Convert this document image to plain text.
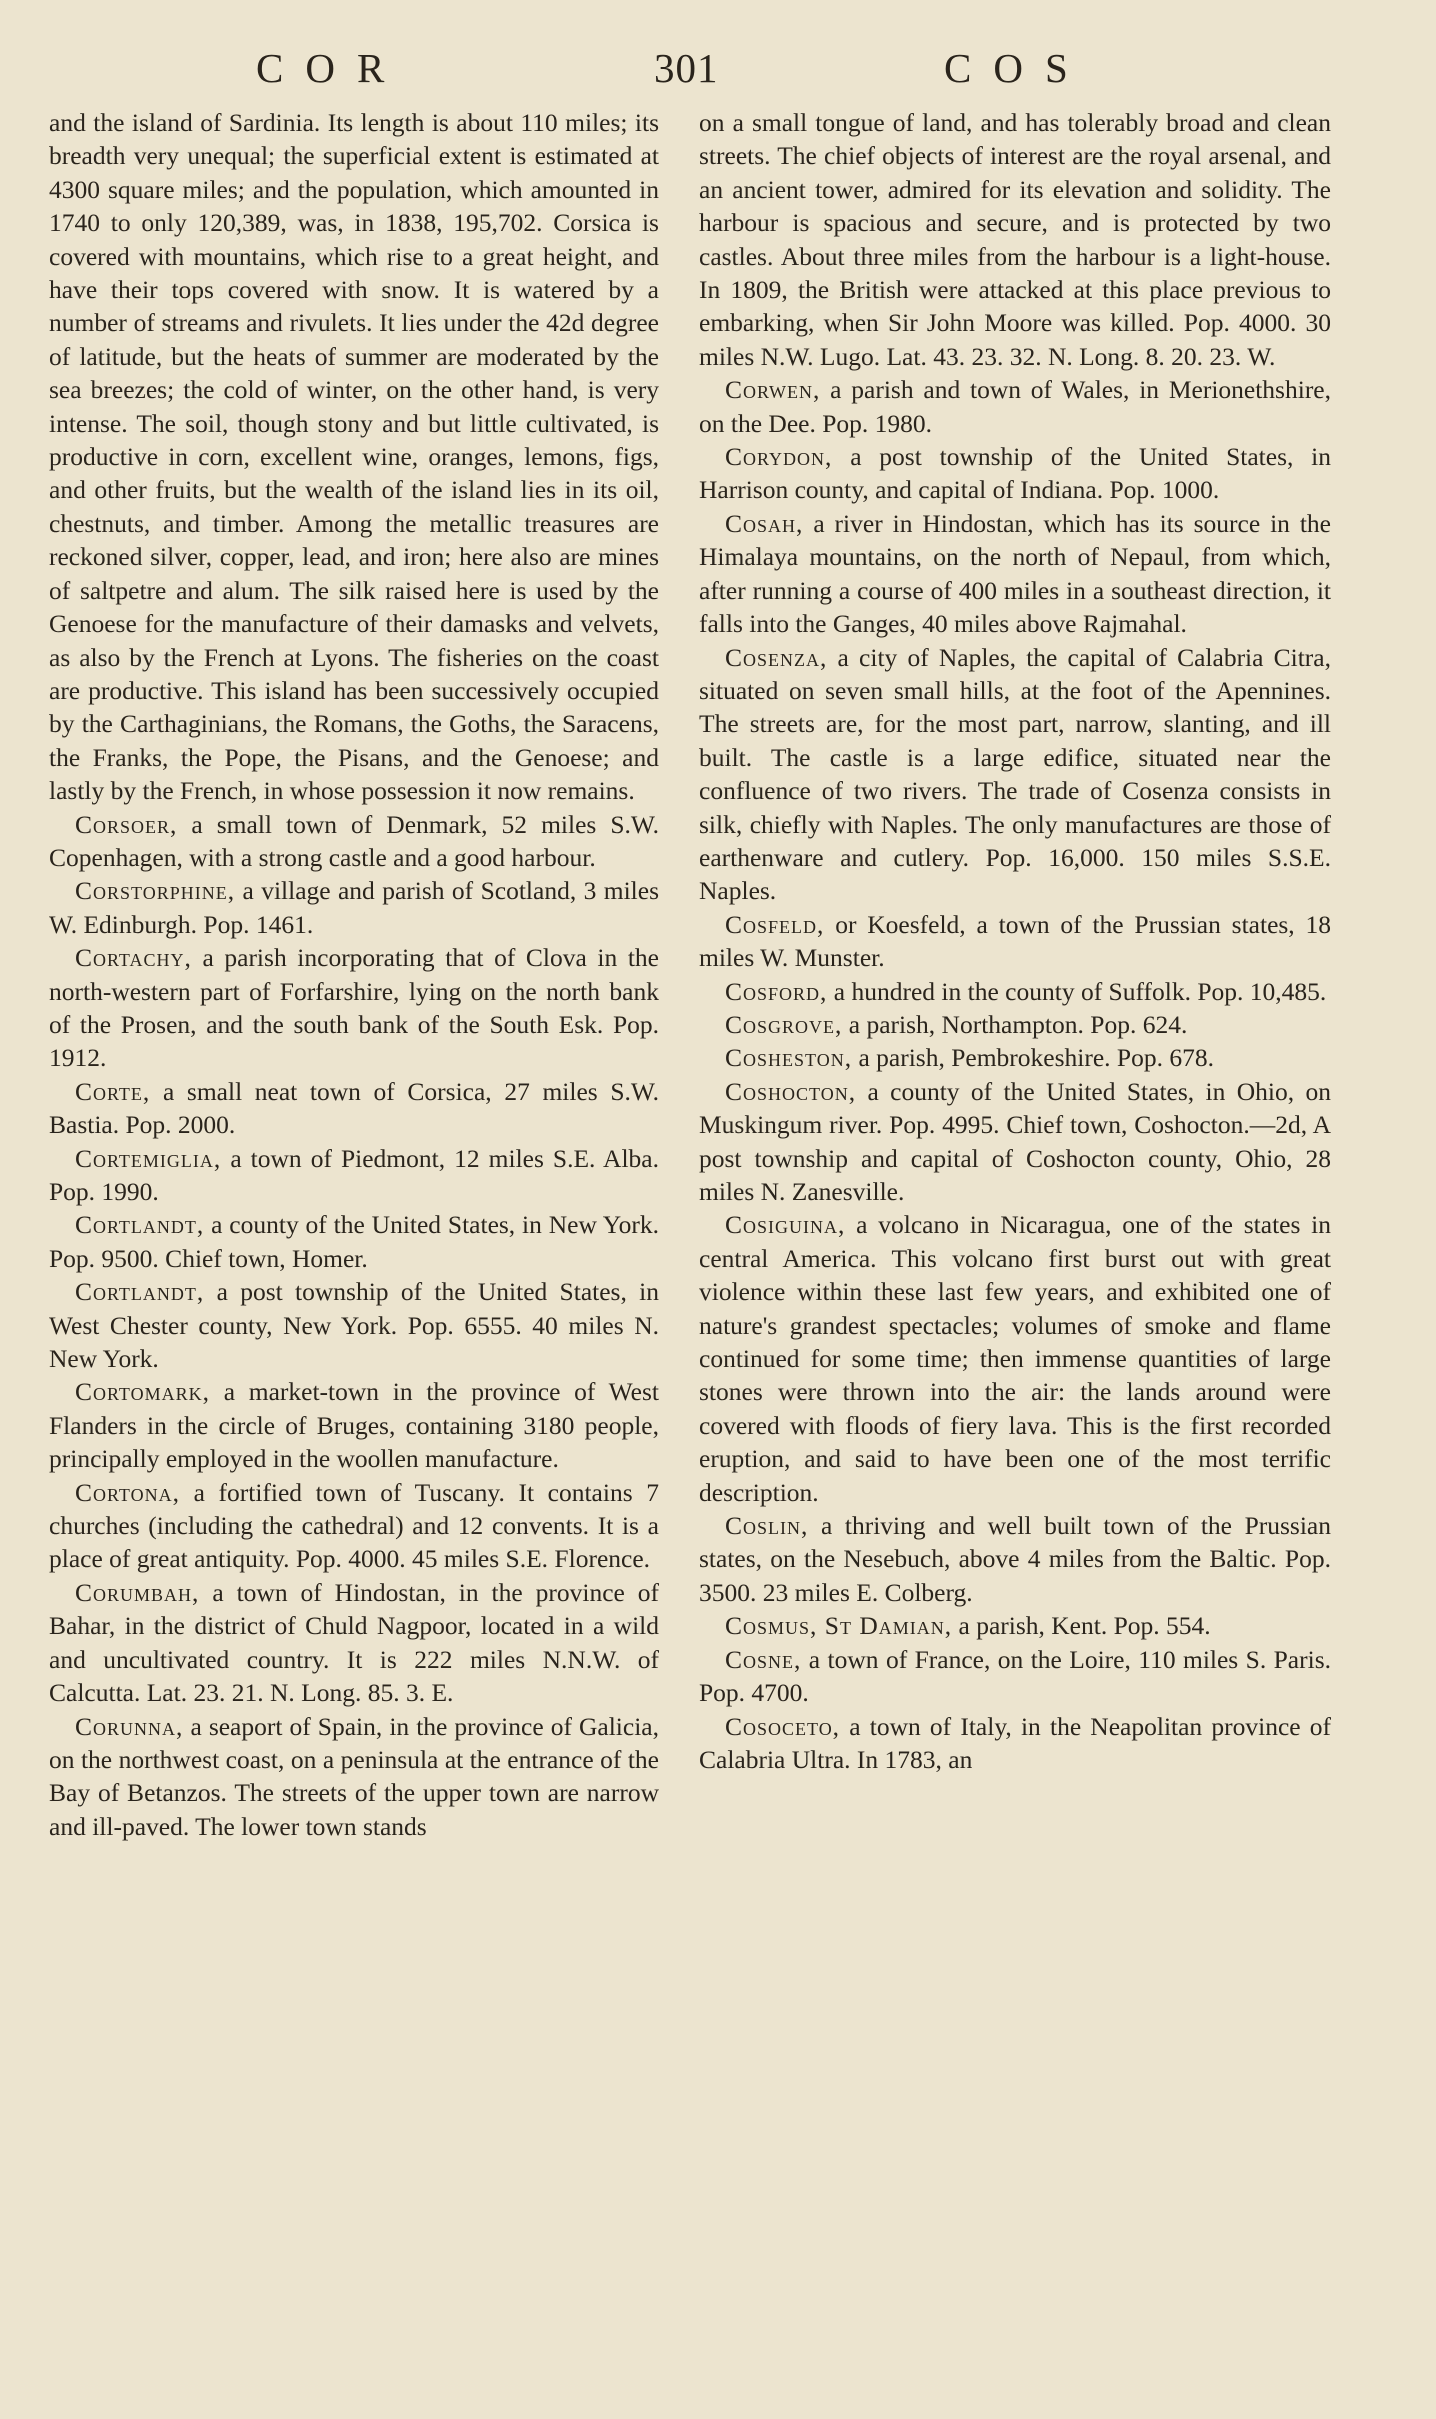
COR	301	COS

and the island of Sardinia. Its length is about 110 miles; its breadth very unequal; the superficial extent is estimated at 4300 square miles; and the population, which amounted in 1740 to only 120,389, was, in 1838, 195,702. Corsica is covered with mountains, which rise to a great height, and have their tops covered with snow. It is watered by a number of streams and rivulets. It lies under the 42d degree of latitude, but the heats of summer are moderated by the sea breezes; the cold of winter, on the other hand, is very intense. The soil, though stony and but little cultivated, is productive in corn, excellent wine, oranges, lemons, figs, and other fruits, but the wealth of the island lies in its oil, chestnuts, and timber. Among the metallic treasures are reckoned silver, copper, lead, and iron; here also are mines of saltpetre and alum. The silk raised here is used by the Genoese for the manufacture of their damasks and velvets, as also by the French at Lyons. The fisheries on the coast are productive. This island has been successively occupied by the Carthaginians, the Romans, the Goths, the Saracens, the Franks, the Pope, the Pisans, and the Genoese; and lastly by the French, in whose possession it now remains.

Corsoer, a small town of Denmark, 52 miles S.W. Copenhagen, with a strong castle and a good harbour.

Corstorphine, a village and parish of Scotland, 3 miles W. Edinburgh. Pop. 1461.

Cortachy, a parish incorporating that of Clova in the north-western part of Forfarshire, lying on the north bank of the Prosen, and the south bank of the South Esk. Pop. 1912.

Corte, a small neat town of Corsica, 27 miles S.W. Bastia. Pop. 2000.

Cortemiglia, a town of Piedmont, 12 miles S.E. Alba. Pop. 1990.

Cortlandt, a county of the United States, in New York. Pop. 9500. Chief town, Homer.

Cortlandt, a post township of the United States, in West Chester county, New York. Pop. 6555. 40 miles N. New York.

Cortomark, a market-town in the province of West Flanders in the circle of Bruges, containing 3180 people, principally employed in the woollen manufacture.

Cortona, a fortified town of Tuscany. It contains 7 churches (including the cathedral) and 12 convents. It is a place of great antiquity. Pop. 4000. 45 miles S.E. Florence.

Corumbah, a town of Hindostan, in the province of Bahar, in the district of Chuld Nagpoor, located in a wild and uncultivated country. It is 222 miles N.N.W. of Calcutta. Lat. 23. 21. N. Long. 85. 3. E.

Corunna, a seaport of Spain, in the province of Galicia, on the northwest coast, on a peninsula at the entrance of the Bay of Betanzos. The streets of the upper town are narrow and ill-paved. The lower town stands

on a small tongue of land, and has tolerably broad and clean streets. The chief objects of interest are the royal arsenal, and an ancient tower, admired for its elevation and solidity. The harbour is spacious and secure, and is protected by two castles. About three miles from the harbour is a light-house. In 1809, the British were attacked at this place previous to embarking, when Sir John Moore was killed. Pop. 4000. 30 miles N.W. Lugo. Lat. 43. 23. 32. N. Long. 8. 20. 23. W.

Corwen, a parish and town of Wales, in Merionethshire, on the Dee. Pop. 1980.

Corydon, a post township of the United States, in Harrison county, and capital of Indiana. Pop. 1000.

Cosah, a river in Hindostan, which has its source in the Himalaya mountains, on the north of Nepaul, from which, after running a course of 400 miles in a southeast direction, it falls into the Ganges, 40 miles above Rajmahal.

Cosenza, a city of Naples, the capital of Calabria Citra, situated on seven small hills, at the foot of the Apennines. The streets are, for the most part, narrow, slanting, and ill built. The castle is a large edifice, situated near the confluence of two rivers. The trade of Cosenza consists in silk, chiefly with Naples. The only manufactures are those of earthenware and cutlery. Pop. 16,000. 150 miles S.S.E. Naples.

Cosfeld, or Koesfeld, a town of the Prussian states, 18 miles W. Munster.

Cosford, a hundred in the county of Suffolk. Pop. 10,485.

Cosgrove, a parish, Northampton. Pop. 624.

Cosheston, a parish, Pembrokeshire. Pop. 678.

Coshocton, a county of the United States, in Ohio, on Muskingum river. Pop. 4995. Chief town, Coshocton.—2d, A post township and capital of Coshocton county, Ohio, 28 miles N. Zanesville.

Cosiguina, a volcano in Nicaragua, one of the states in central America. This volcano first burst out with great violence within these last few years, and exhibited one of nature's grandest spectacles; volumes of smoke and flame continued for some time; then immense quantities of large stones were thrown into the air: the lands around were covered with floods of fiery lava. This is the first recorded eruption, and said to have been one of the most terrific description.

Coslin, a thriving and well built town of the Prussian states, on the Nesebuch, above 4 miles from the Baltic. Pop. 3500. 23 miles E. Colberg.

Cosmus, St Damian, a parish, Kent. Pop. 554.

Cosne, a town of France, on the Loire, 110 miles S. Paris. Pop. 4700.

Cosoceto, a town of Italy, in the Neapolitan province of Calabria Ultra. In 1783, an
